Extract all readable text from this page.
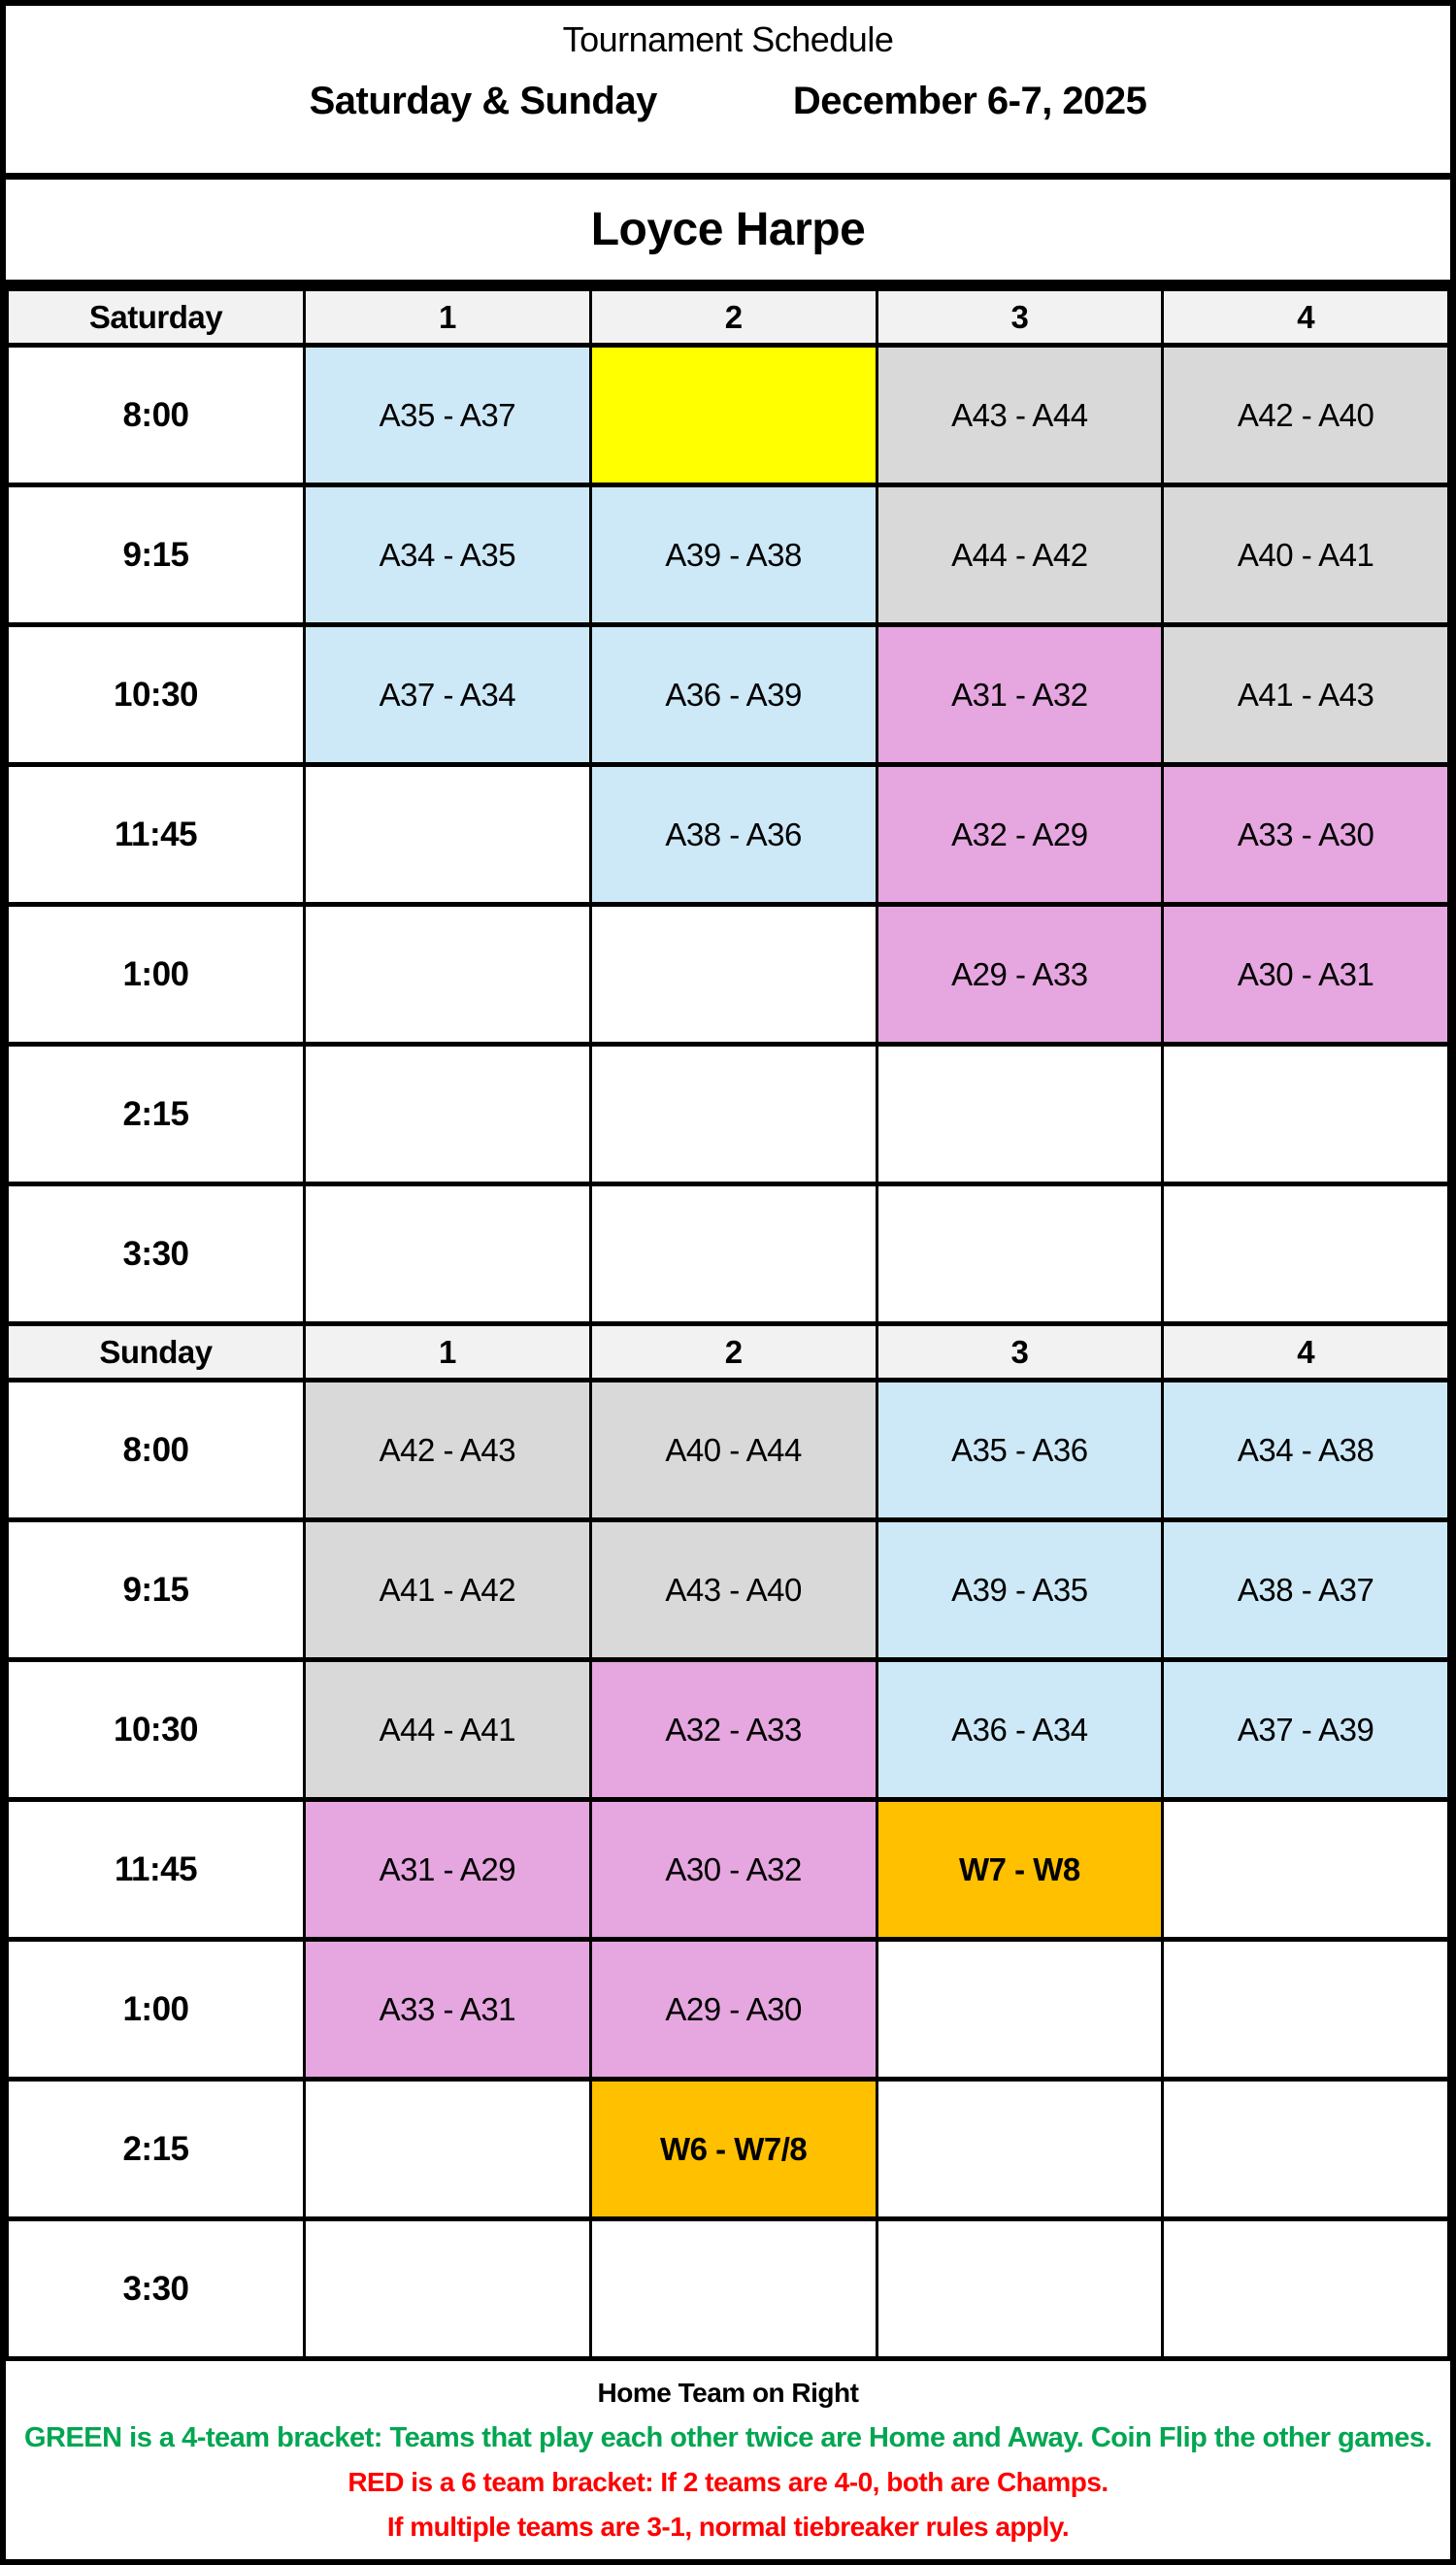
Tournament Schedule
Saturday & Sunday	December 6-7, 2025
Loyce Harpe
Saturday	1	2	3	4
8:00	A35 - A37		A43 - A44	A42 - A40
9:15	A34 - A35	A39 - A38	A44 - A42	A40 - A41
10:30	A37 - A34	A36 - A39	A31 - A32	A41 - A43
11:45		A38 - A36	A32 - A29	A33 - A30
1:00			A29 - A33	A30 - A31
2:15				
3:30				
Sunday	1	2	3	4
8:00	A42 - A43	A40 - A44	A35 - A36	A34 - A38
9:15	A41 - A42	A43 - A40	A39 - A35	A38 - A37
10:30	A44 - A41	A32 - A33	A36 - A34	A37 - A39
11:45	A31 - A29	A30 - A32	W7 - W8	
1:00	A33 - A31	A29 - A30		
2:15		W6 - W7/8		
3:30				
Home Team on Right
GREEN is a 4-team bracket: Teams that play each other twice are Home and Away. Coin Flip the other games.
RED is a 6 team bracket: If 2 teams are 4-0, both are Champs.
If multiple teams are 3-1, normal tiebreaker rules apply.
